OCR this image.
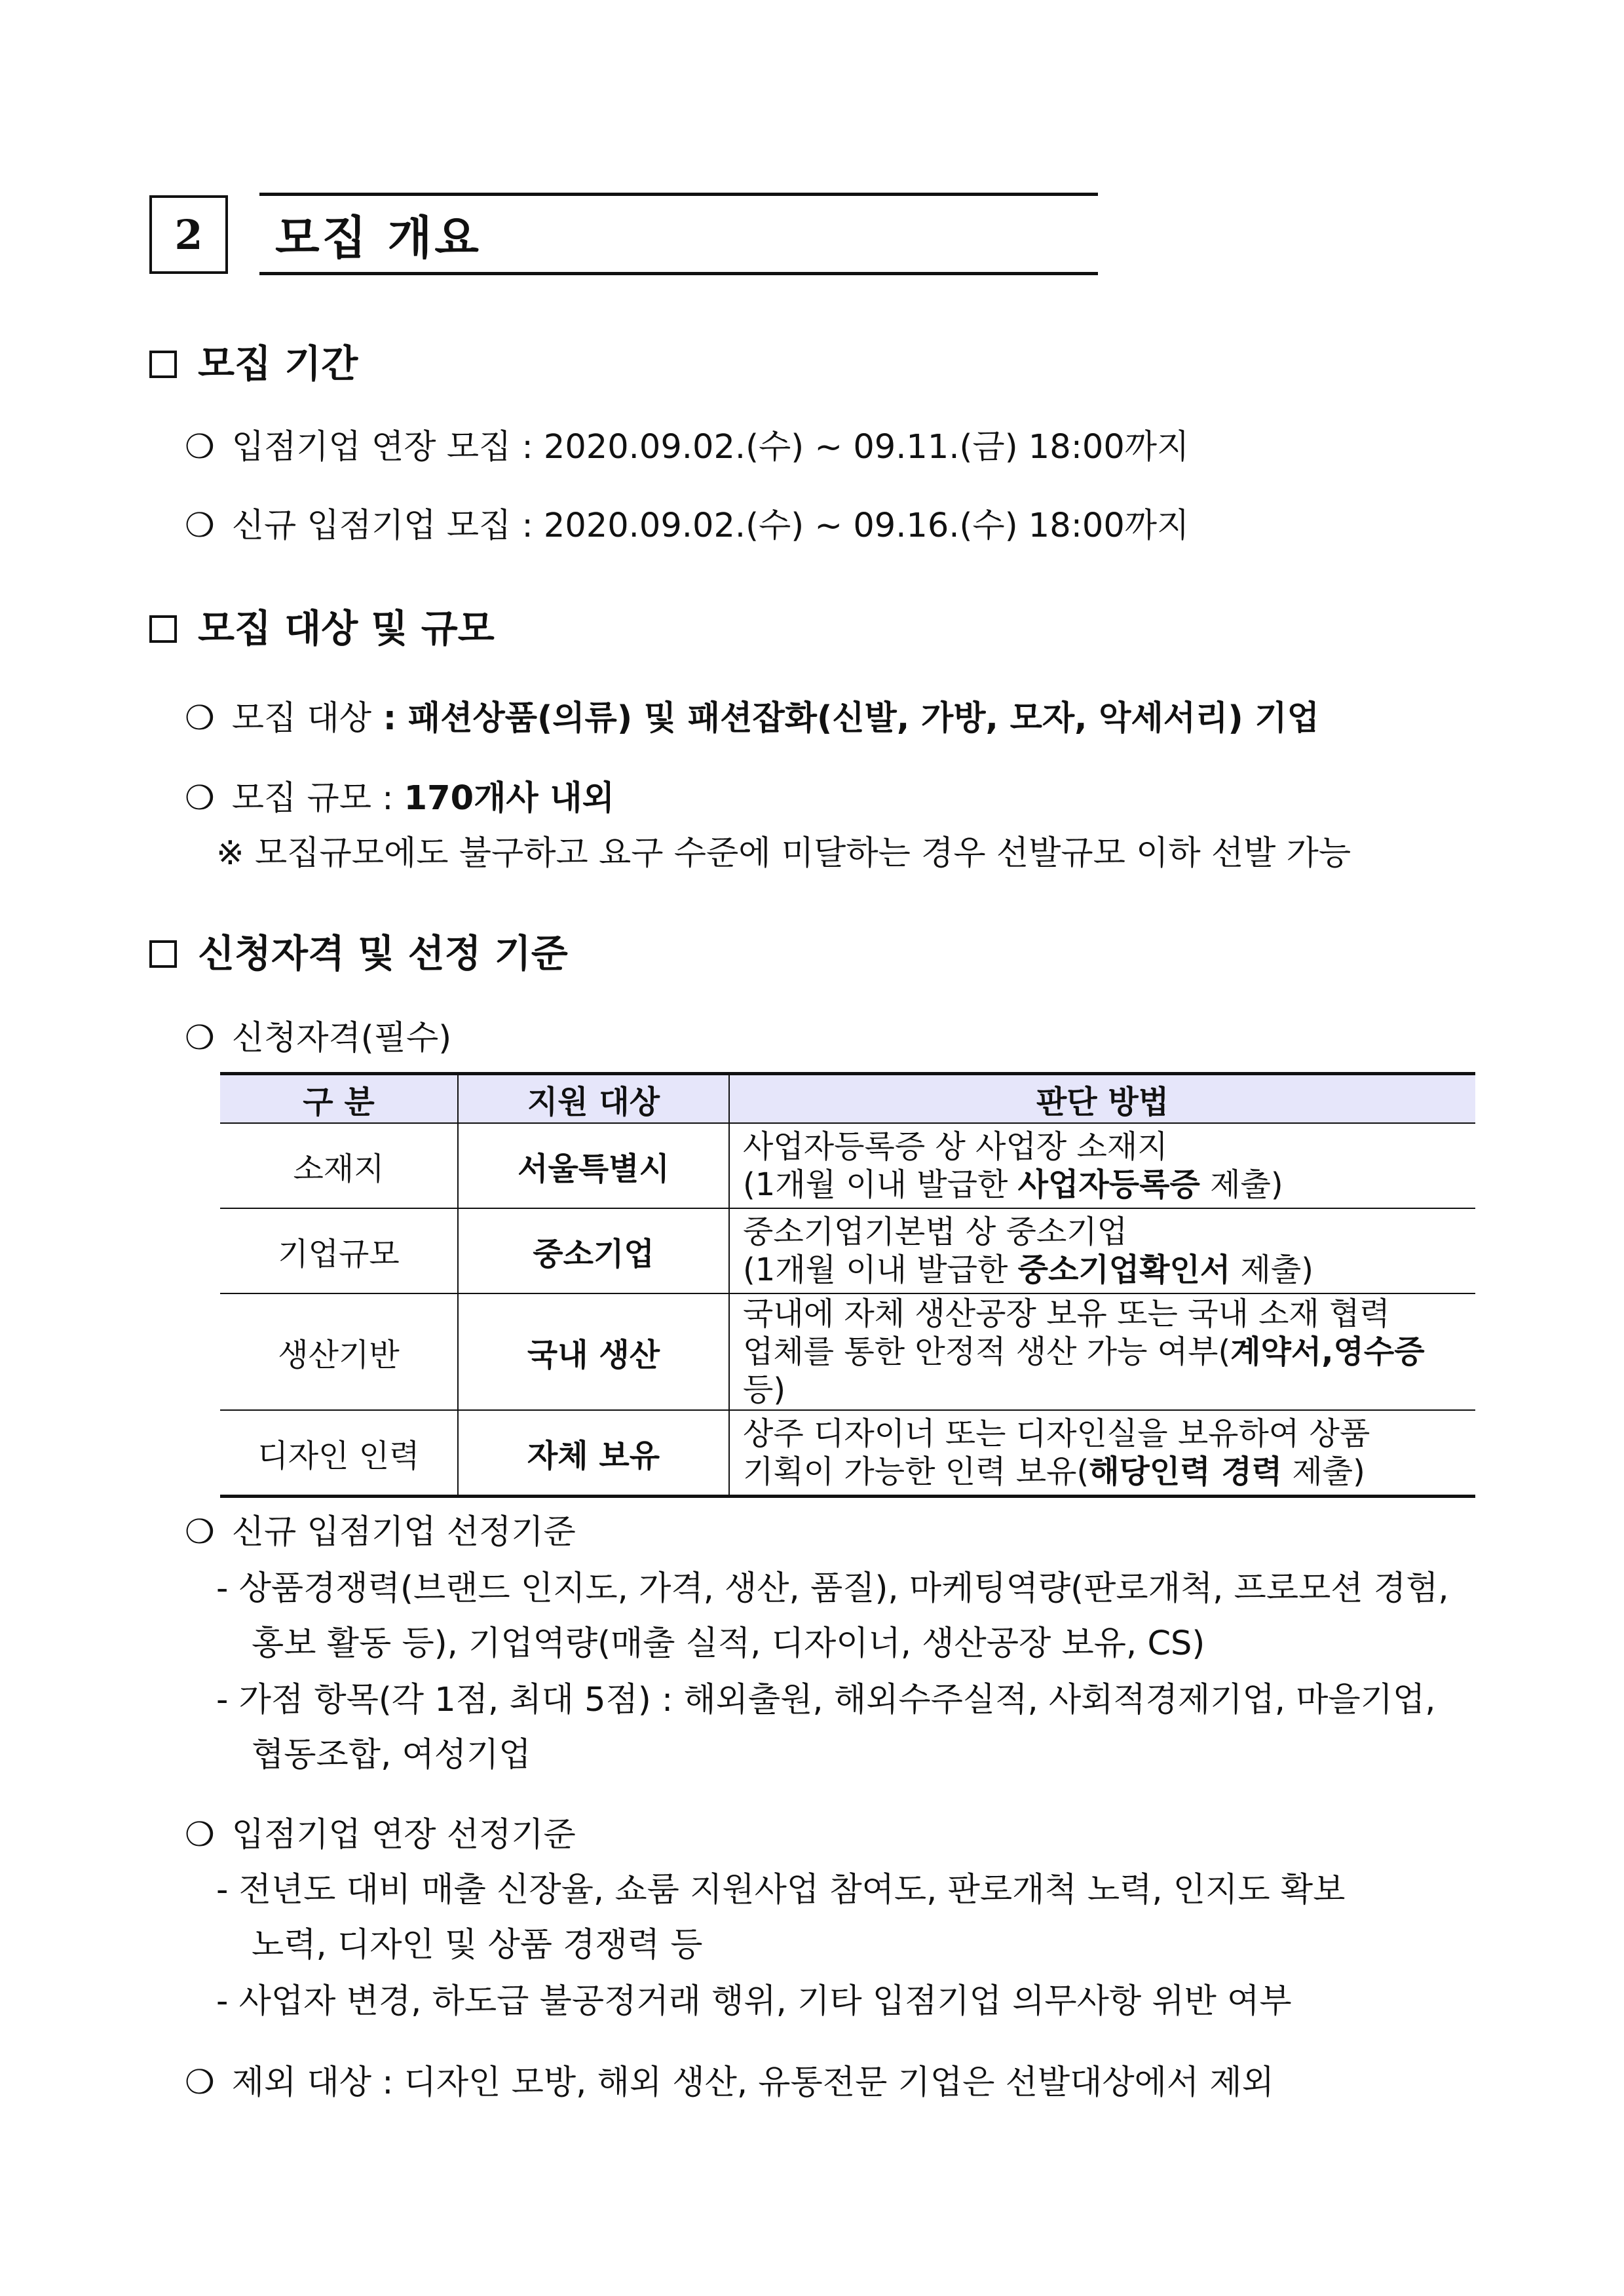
2 모집 개요
모집 기간
❍ 입점기업 연장 모집 : 2020.09.02.(수) ~ 09.11.(금) 18:00까지
❍ 신규 입점기업 모집 : 2020.09.02.(수) ~ 09.16.(수) 18:00까지
모집 대상 및 규모
❍ 모집 대상 : 패션상품(의류) 및 패션잡화(신발, 가방, 모자, 악세서리) 기업
❍ 모집 규모 : 170개사 내외
※ 모집규모에도 불구하고 요구 수준에 미달하는 경우 선발규모 이하 선발 가능
신청자격 및 선정 기준
❍ 신청자격(필수)
구 분	지원 대상	판단 방법
소재지	서울특별시	사업자등록증 상 사업장 소재지
(1개월 이내 발급한 사업자등록증 제출)

기업규모	중소기업	중소기업기본법 상 중소기업
(1개월 이내 발급한 중소기업확인서 제출)

생산기반	국내 생산	국내에 자체 생산공장 보유 또는 국내 소재 협력
업체를 통한 안정적 생산 가능 여부(계약서,영수증 등)

디자인 인력	자체 보유	상주 디자이너 또는 디자인실을 보유하여 상품
기획이 가능한 인력 보유(해당인력 경력 제출)
❍ 신규 입점기업 선정기준
- 상품경쟁력(브랜드 인지도, 가격, 생산, 품질), 마케팅역량(판로개척, 프로모션 경험,
홍보 활동 등), 기업역량(매출 실적, 디자이너, 생산공장 보유, CS)
- 가점 항목(각 1점, 최대 5점) : 해외출원, 해외수주실적, 사회적경제기업, 마을기업,
협동조합, 여성기업
❍ 입점기업 연장 선정기준
- 전년도 대비 매출 신장율, 쇼룸 지원사업 참여도, 판로개척 노력, 인지도 확보
노력, 디자인 및 상품 경쟁력 등
- 사업자 변경, 하도급 불공정거래 행위, 기타 입점기업 의무사항 위반 여부
❍ 제외 대상 : 디자인 모방, 해외 생산, 유통전문 기업은 선발대상에서 제외
